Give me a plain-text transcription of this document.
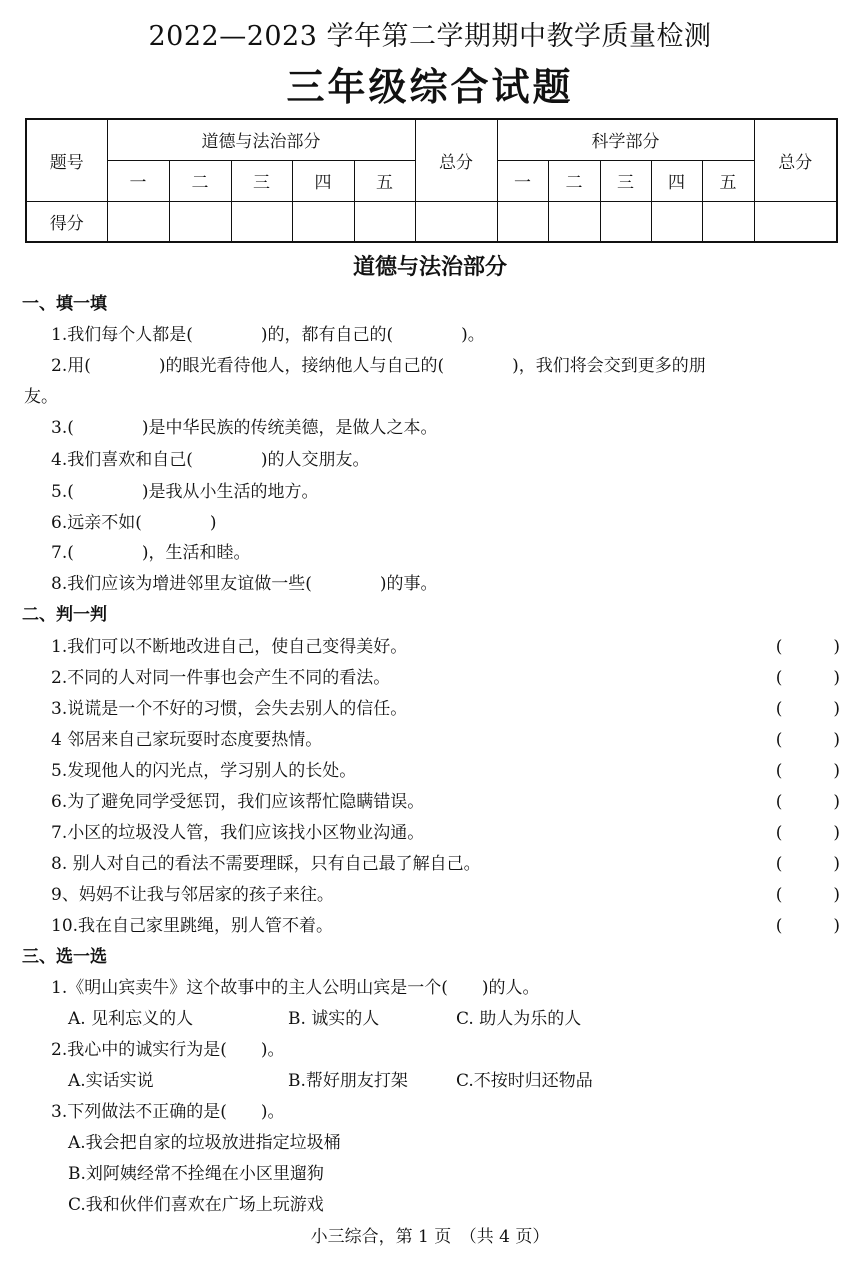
2022—2023 学年第二学期期中教学质量检测
三年级综合试题
题号	道德与法治部分					总分	科学部分					总分
	一	二	三	四	五		一	二	三	四	五	
得分												
道德与法治部分
一、填一填
1.我们每个人都是(　　　　)的，都有自己的(　　　　)。
2.用(　　　　)的眼光看待他人，接纳他人与自己的(　　　　)，我们将会交到更多的朋
友。
3.(　　　　)是中华民族的传统美德，是做人之本。
4.我们喜欢和自己(　　　　)的人交朋友。
5.(　　　　)是我从小生活的地方。
6.远亲不如(　　　　)
7.(　　　　)，生活和睦。
8.我们应该为增进邻里友谊做一些(　　　　)的事。
二、判一判
1.我们可以不断地改进自己，使自己变得美好。	(　　　)
2.不同的人对同一件事也会产生不同的看法。	(　　　)
3.说谎是一个不好的习惯，会失去别人的信任。	(　　　)
4 邻居来自己家玩耍时态度要热情。	(　　　)
5.发现他人的闪光点，学习别人的长处。	(　　　)
6.为了避免同学受惩罚，我们应该帮忙隐瞒错误。	(　　　)
7.小区的垃圾没人管，我们应该找小区物业沟通。	(　　　)
8. 别人对自己的看法不需要理睬，只有自己最了解自己。	(　　　)
9、妈妈不让我与邻居家的孩子来往。	(　　　)
10.我在自己家里跳绳，别人管不着。	(　　　)
三、选一选
1.《明山宾卖牛》这个故事中的主人公明山宾是一个(　　)的人。
A. 见利忘义的人	B. 诚实的人	C. 助人为乐的人
2.我心中的诚实行为是(　　)。
A.实话实说	B.帮好朋友打架	C.不按时归还物品
3.下列做法不正确的是(　　)。
A.我会把自家的垃圾放进指定垃圾桶
B.刘阿姨经常不拴绳在小区里遛狗
C.我和伙伴们喜欢在广场上玩游戏
小三综合，第 1 页　（共 4 页）
